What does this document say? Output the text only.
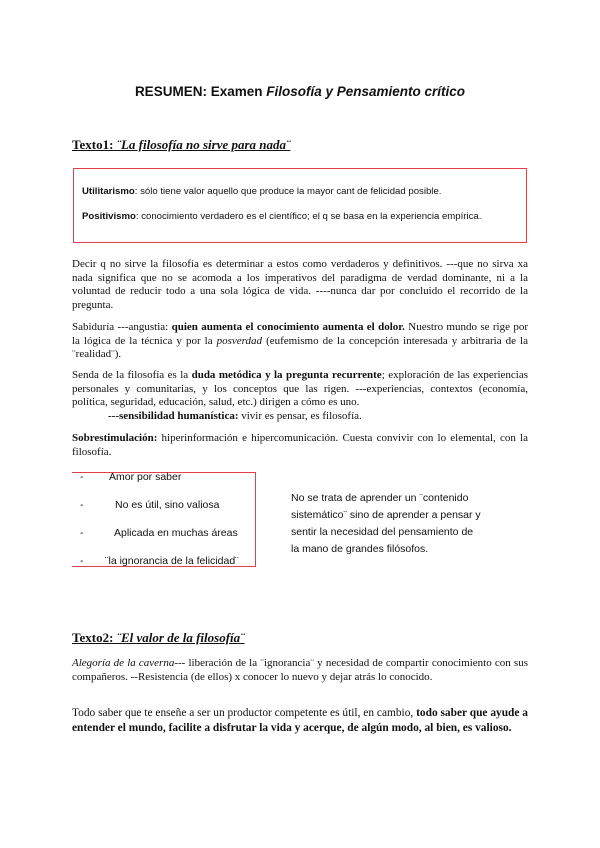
RESUMEN: Examen Filosofía y Pensamiento crítico
Texto1: ¨La filosofía no sirve para nada¨
Utilitarismo: sólo tiene valor aquello que produce la mayor cant de felicidad posible.
Positivismo: conocimiento verdadero es el científico; el q se basa en la experiencia empírica.
Decir q no sirve la filosofía es determinar a estos como verdaderos y definitivos. ---que no sirva xa nada significa que no se acomoda a los imperativos del paradigma de verdad dominante, ni a la voluntad de reducir todo a una sola lógica de vida. ----nunca dar por concluido el recorrido de la pregunta.
Sabiduría ---angustia: quien aumenta el conocimiento aumenta el dolor. Nuestro mundo se rige por la lógica de la técnica y por la posverdad (eufemismo de la concepción interesada y arbitraria de la ¨realidad¨).
Senda de la filosofía es la duda metódica y la pregunta recurrente; exploración de las experiencias personales y comunitarias, y los conceptos que las rigen. ---experiencias, contextos (economía, política, seguridad, educación, salud, etc.) dirigen a cómo es uno.
---sensibilidad humanística: vivir es pensar, es filosofía.
Sobrestimulación: hiperinformación e hipercomunicación. Cuesta convivir con lo elemental, con la filosofía.
- Amor por saber
-	No es útil, sino valiosa
-	Aplicada en muchas áreas
- ¨la ignorancia de la felicidad¨
No se trata de aprender un ¨contenido sistemático¨ sino de aprender a pensar y sentir la necesidad del pensamiento de la mano de grandes filósofos.
Texto2: ¨El valor de la filosofía¨
Alegoría de la caverna--- liberación de la ¨ignorancia¨ y necesidad de compartir conocimiento con sus compañeros. --Resistencia (de ellos) x conocer lo nuevo y dejar atrás lo conocido.
Todo saber que te enseñe a ser un productor competente es útil, en cambio, todo saber que ayude a entender el mundo, facilite a disfrutar la vida y acerque, de algún modo, al bien, es valioso.
